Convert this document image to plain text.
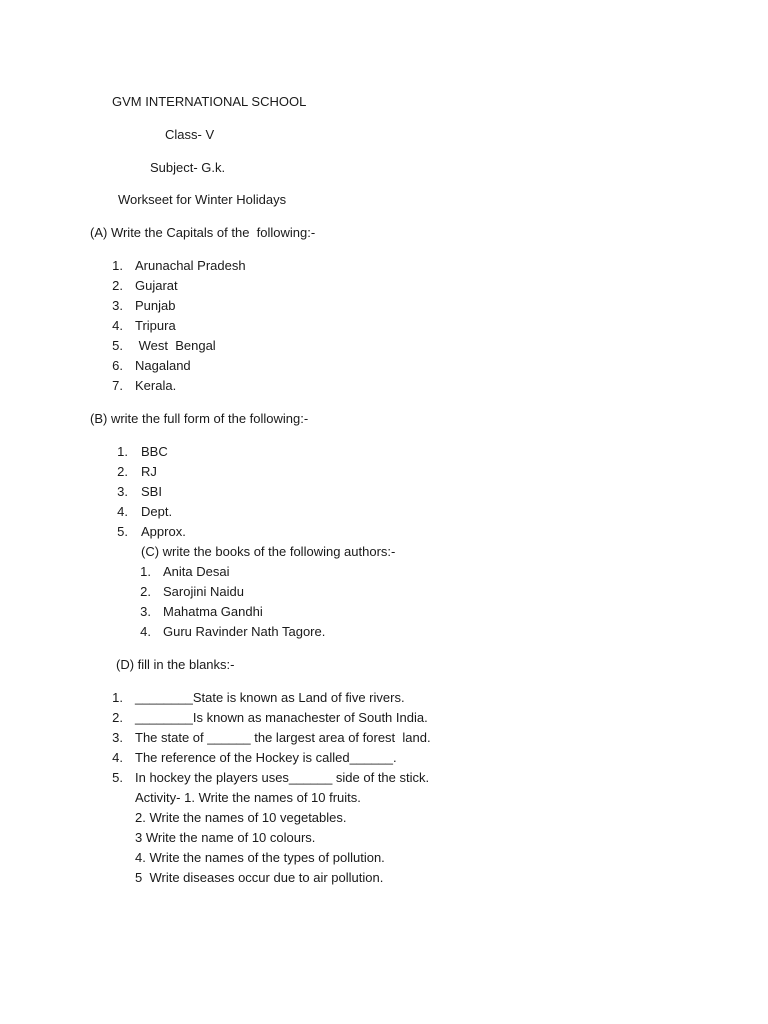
GVM INTERNATIONAL SCHOOL
Class- V
Subject- G.k.
Workseet for Winter Holidays
(A) Write the Capitals of the  following:-
1. Arunachal Pradesh
2. Gujarat
3. Punjab
4. Tripura
5. West  Bengal
6. Nagaland
7. Kerala.
(B) write the full form of the following:-
1. BBC
2. RJ
3. SBI
4. Dept.
5. Approx.
(C) write the books of the following authors:-
1. Anita Desai
2. Sarojini Naidu
3. Mahatma Gandhi
4. Guru Ravinder Nath Tagore.
(D) fill in the blanks:-
1. ________State is known as Land of five rivers.
2. ________Is known as manachester of South India.
3. The state of ______ the largest area of forest  land.
4. The reference of the Hockey is called______.
5. In hockey the players uses______ side of the stick.
Activity- 1. Write the names of 10 fruits.
2. Write the names of 10 vegetables.
3 Write the name of 10 colours.
4. Write the names of the types of pollution.
5  Write diseases occur due to air pollution.
